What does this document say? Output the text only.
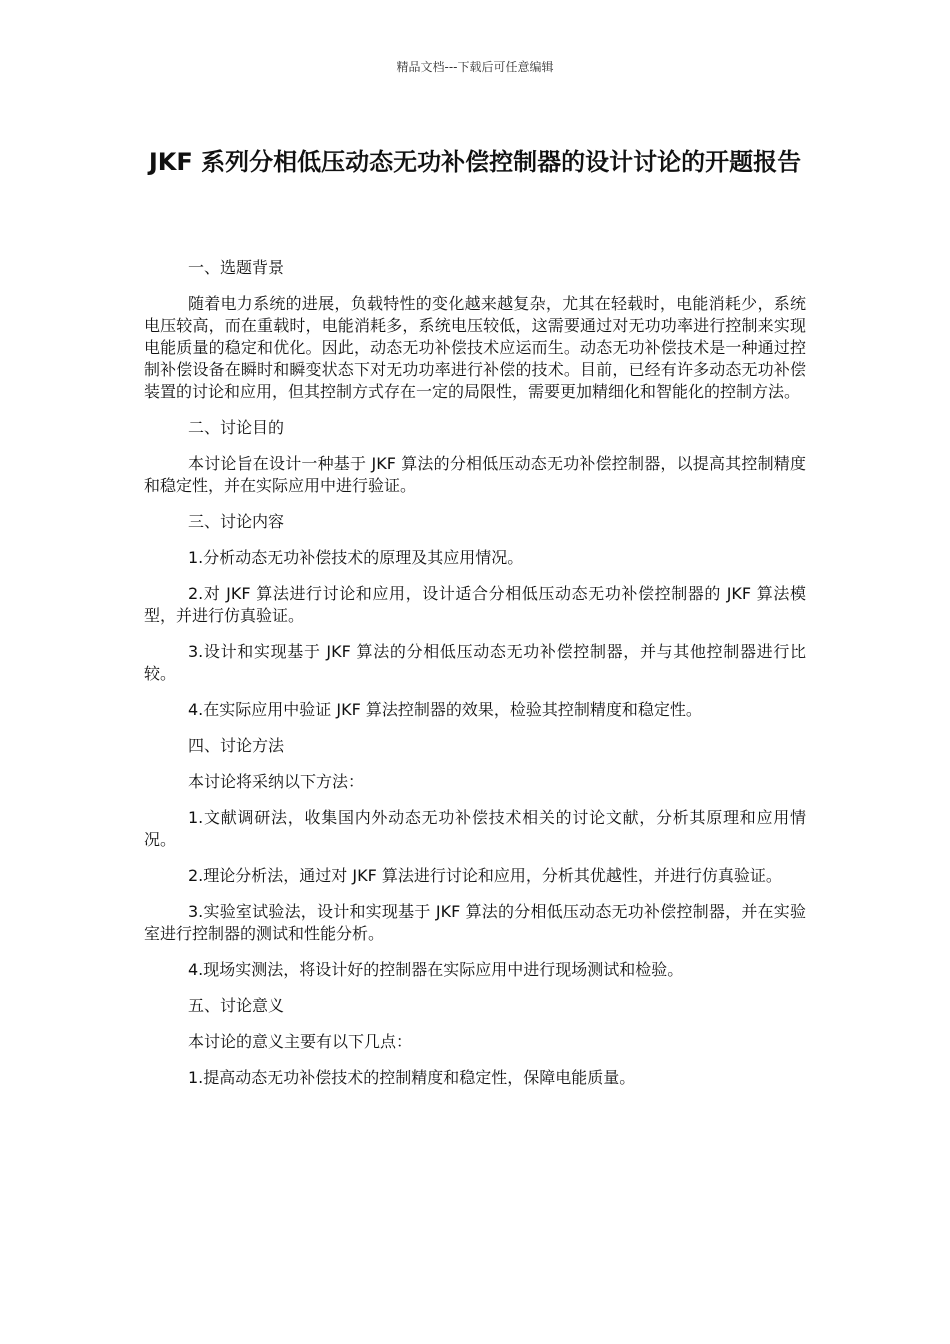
精品文档---下载后可任意编辑
JKF 系列分相低压动态无功补偿控制器的设计讨论的开题报告

一、选题背景

随着电力系统的进展，负载特性的变化越来越复杂，尤其在轻载时，电能消耗少，系统电压较高，而在重载时，电能消耗多，系统电压较低，这需要通过对无功功率进行控制来实现电能质量的稳定和优化。因此，动态无功补偿技术应运而生。动态无功补偿技术是一种通过控制补偿设备在瞬时和瞬变状态下对无功功率进行补偿的技术。目前，已经有许多动态无功补偿装置的讨论和应用，但其控制方式存在一定的局限性，需要更加精细化和智能化的控制方法。

二、讨论目的

本讨论旨在设计一种基于 JKF 算法的分相低压动态无功补偿控制器，以提高其控制精度和稳定性，并在实际应用中进行验证。

三、讨论内容

1.分析动态无功补偿技术的原理及其应用情况。

2.对 JKF 算法进行讨论和应用，设计适合分相低压动态无功补偿控制器的 JKF 算法模型，并进行仿真验证。

3.设计和实现基于 JKF 算法的分相低压动态无功补偿控制器，并与其他控制器进行比较。

4.在实际应用中验证 JKF 算法控制器的效果，检验其控制精度和稳定性。

四、讨论方法

本讨论将采纳以下方法：

1.文献调研法，收集国内外动态无功补偿技术相关的讨论文献，分析其原理和应用情况。

2.理论分析法，通过对 JKF 算法进行讨论和应用，分析其优越性，并进行仿真验证。

3.实验室试验法，设计和实现基于 JKF 算法的分相低压动态无功补偿控制器，并在实验室进行控制器的测试和性能分析。

4.现场实测法，将设计好的控制器在实际应用中进行现场测试和检验。

五、讨论意义

本讨论的意义主要有以下几点：

1.提高动态无功补偿技术的控制精度和稳定性，保障电能质量。
